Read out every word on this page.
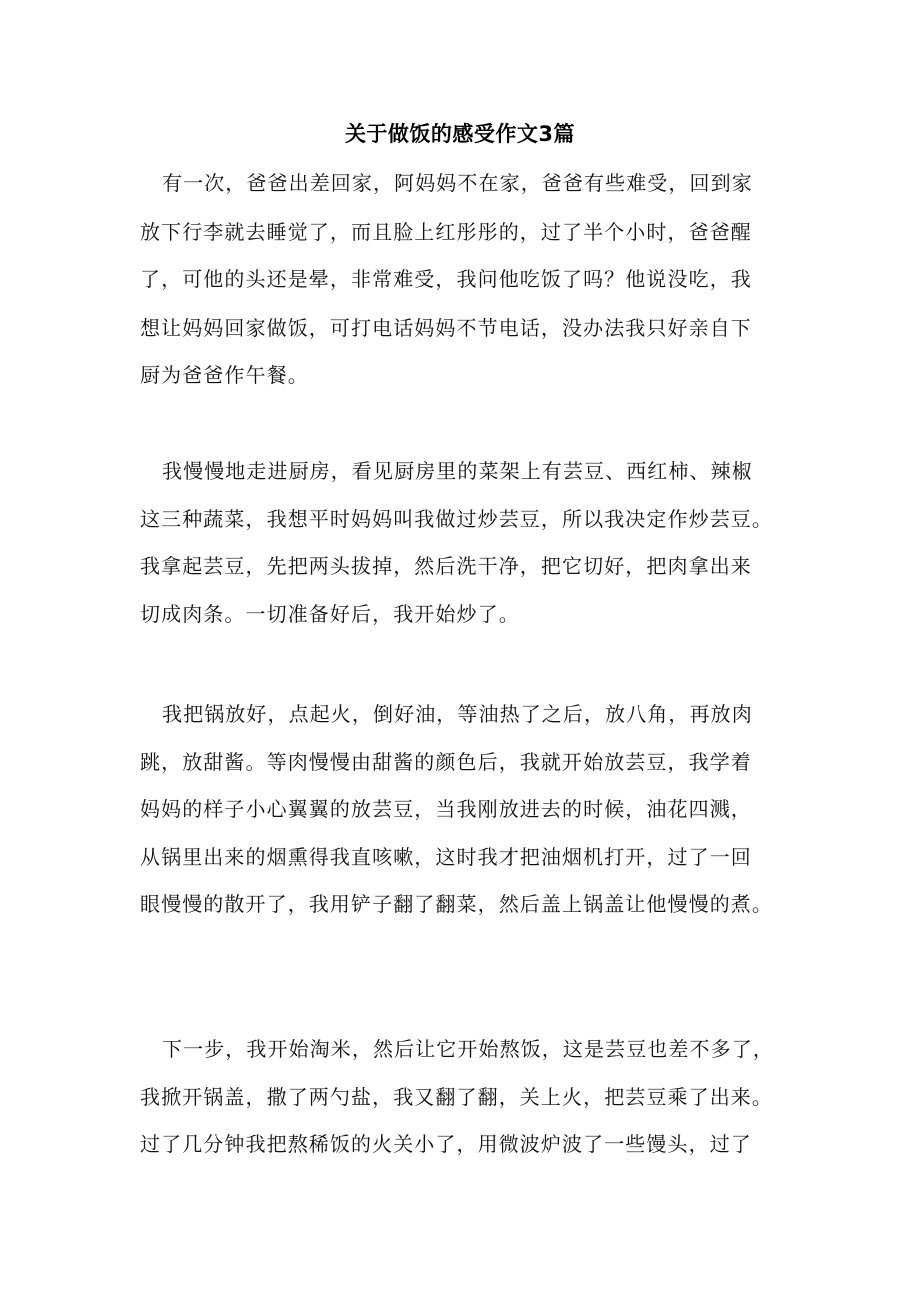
关于做饭的感受作文3篇
有一次，爸爸出差回家，阿妈妈不在家，爸爸有些难受，回到家
放下行李就去睡觉了，而且脸上红彤彤的，过了半个小时，爸爸醒
了，可他的头还是晕，非常难受，我问他吃饭了吗？他说没吃，我
想让妈妈回家做饭，可打电话妈妈不节电话，没办法我只好亲自下
厨为爸爸作午餐。
我慢慢地走进厨房，看见厨房里的菜架上有芸豆、西红柿、辣椒
这三种蔬菜，我想平时妈妈叫我做过炒芸豆，所以我决定作炒芸豆。
我拿起芸豆，先把两头拔掉，然后洗干净，把它切好，把肉拿出来
切成肉条。一切准备好后，我开始炒了。
我把锅放好，点起火，倒好油，等油热了之后，放八角，再放肉
跳，放甜酱。等肉慢慢由甜酱的颜色后，我就开始放芸豆，我学着
妈妈的样子小心翼翼的放芸豆，当我刚放进去的时候，油花四溅，
从锅里出来的烟熏得我直咳嗽，这时我才把油烟机打开，过了一回
眼慢慢的散开了，我用铲子翻了翻菜，然后盖上锅盖让他慢慢的煮。
下一步，我开始淘米，然后让它开始熬饭，这是芸豆也差不多了，
我掀开锅盖，撒了两勺盐，我又翻了翻，关上火，把芸豆乘了出来。
过了几分钟我把熬稀饭的火关小了，用微波炉波了一些馒头，过了
